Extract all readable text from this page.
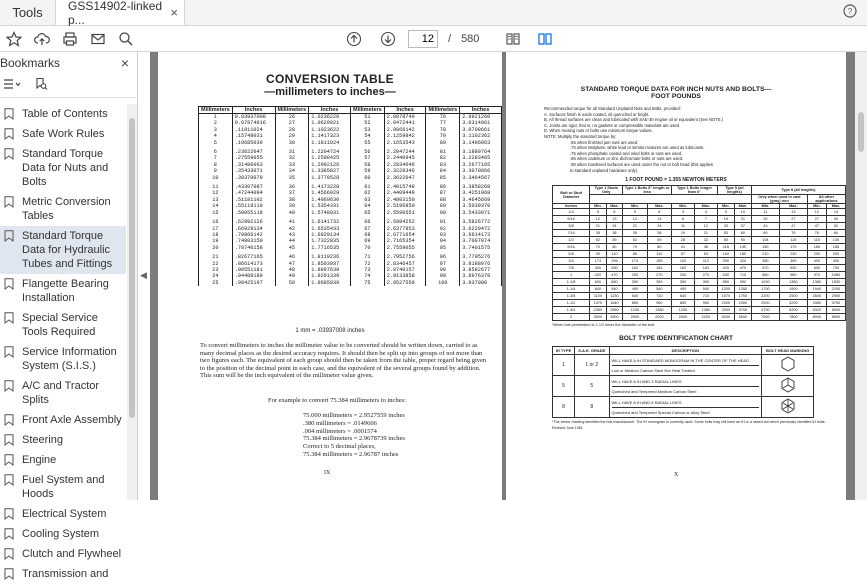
Tools	GSS14902-linked p...	×	?
12
/ 580
Bookmarks	×
Table of Contents
Safe Work Rules
Standard Torque Data for Nuts and Bolts
Metric Conversion Tables
Standard Torque Data for Hydraulic Tubes and Fittings
Flangette Bearing Installation
Special Service Tools Required
Service Information System (S.I.S.)
A/C and Tractor Splits
Front Axle Assembly
Steering
Engine
Fuel System and Hoods
Electrical System
Cooling System
Clutch and Flywheel
Transmission and
◀
CONVERSION TABLE
—millimeters to inches—
Millimeters	Inches	Millimeters	Inches	Millimeters	Inches	Millimeters	Inches
1	0.03937008	26	1.0236220	51	2.0078740	76	2.9921260
2	0.07874016	27	1.0629921	52	2.0472441	77	3.0314961
3	.11811024	28	1.1023622	53	2.0866142	78	3.0708661
4	.15748031	29	1.1417323	54	2.1259842	79	3.1102362
5	.19685039	30	1.1811024	55	2.1653543	80	3.1496063
6	.23622047	31	1.2204724	56	2.2047244	81	3.1889764
7	.27559055	32	1.2598425	57	2.2440945	82	3.2283465
8	.31496063	33	1.2992126	58	2.2834646	83	3.2677165
9	.35433071	34	1.3385827	59	2.3228346	84	3.3070866
10	.39370079	35	1.3779528	60	2.3622047	85	3.3464567
11	.43307087	36	1.4173228	61	2.4015748	86	3.3858268
12	.47244094	37	1.4566929	62	2.4409449	87	3.4251968
13	.51181102	38	1.4960630	63	2.4803150	88	3.4645669
14	.55118110	39	1.5354331	64	2.5196850	89	3.5039370
15	.59055118	40	1.5748031	65	2.5590551	90	3.5433071
16	.62992126	41	1.6141732	66	2.5984252	91	3.5826772
17	.66929134	42	1.6535433	67	2.6377953	92	3.6220472
18	.70866142	43	1.6929134	68	2.6771654	93	3.6614173
19	.74803150	44	1.7322835	69	2.7165354	94	3.7007874
20	.78740158	45	1.7716535	70	2.7559055	95	3.7401575
21	.82677165	46	1.8110236	71	2.7952756	96	3.7795276
22	.86614173	47	1.8503937	72	2.8346457	97	3.8188976
23	.90551181	48	1.8897638	73	2.8740157	98	3.8582677
24	.94488189	49	1.9291339	74	2.9133858	99	3.8976378
25	.98425197	50	1.9685039	75	2.9527559	100	3.937008
1 mm = .03937008 inches
To convert millimeters to inches the millimeter value to be converted should be written down, carried to as many decimal places as the desired accuracy requires. It should then be split up into groups of not more than two figures each. The equivalent of each group should then be taken from the table, proper regard being given to the position of the decimal point in each case, and the equivalent of the several groups found by addition. This sum will be the inch equivalent of the millimeter value given.
For example to convert 75.384 millimeters to inches:
75.000 millimeters = 2.9527559 inches
.380 millimeters = .0149606
.004 millimeters = .0001574
75.384 millimeters = 2.9678739 inches
Correct to 5 decimal places,
75.384 millimeters = 2.96787 inches
IX
STANDARD TORQUE DATA FOR INCH NUTS AND BOLTS—
FOOT POUNDS
Recommended torque for all Standard Unplated Nuts and Bolts, provided:
A. Surfaces finish is oxide coated, oil quenched or bright.
B. All thread surfaces are clean and lubricated with SAE-30 engine oil or equivalent (See NOTE.)
C. Joints are rigid, that is, no gaskets or compressible materials are used.
D. When reusing nuts or bolts use minimum torque values.
NOTE: Multiply the standard torque by:
.65 when finished jam nuts are used.
.70 when Molykote, white lead or similar mixtures are used as lubricants.
.75 when phosphate coated and oiled bolts or nuts are used.
.85 when cadmium or zinc dichromate bolts or nuts are used.
.90 when hardened surfaces are used under the nut or bolt head (this applies
to standard unplated hardware only).
1 FOOT POUND = 1.355 NEWTON METERS
Bolt or Stud Diameter	Type 1 Studs Only		Type 1 Bolts 6" length or less		Type 1 Bolts longer than 6"		Type 5 (all lengths)		Type 8 (all lengths)			
									Only when used in cast (gray) iron		All other applications	
Inches	Min.	Max.	Min.	Max.	Min.	Max.	Min.	Max.	Min.	Max.	Min.	Max.
1/4	5	6	5	6	3	4	9	10	11	13	12	14
5/16	12	13	12	13	6	7	19	21	25	27	27	30
3/8	21	24	21	24	11	12	33	37	43	47	47	52
7/16	35	38	35	38	19	21	53	60	69	76	76	84
1/2	52	59	52	59	28	32	80	90	104	115	115	130
9/16	70	80	70	80	41	46	115	130	150	170	165	185
5/8	90	110	86	110	57	63	160	180	210	230	230	250
3/4	174	195	174	195	100	112	290	320	350	390	400	450
7/8	300	330	162	181	162	181	420	470	570	630	630	730
1	420	470	250	270	250	270	630	710	850	950	970	1080
1-1/8	600	680	350	390	350	390	850	950	1200	1350	1380	1530
1-1/4	840	940	490	540	490	540	1200	1350	1700	1900	1940	2150
1-3/8	1100	1230	640	710	640	710	1570	1760	2200	2500	2600	2900
1-1/2	1470	1640	850	950	850	950	2000	2300	2900	3200	3380	3750
1-3/4	2350	2650	1230	1380	1230	1380	3300	3700	4700	5200	5320	6000
2	3500	3900	2000	2200	2000	2200	5000	5600	7000	7800	8000	8900
*When bolt penetration is 1-1/2 times the diameter of the bolt.
BOLT TYPE IDENTIFICATION CHART
IH TYPE	S.A.E. GRADE	DESCRIPTION	BOLT HEAD MARKING
1	1 or 2	WILL HAVE A IH STANDARD MONOGRAM IN THE CENTER OF THE HEAD
Low or Medium Carbon Steel Not Heat Treated

5	5	WILL HAVE A IH AND 3 RADIAL LINES
Quenched and Tempered Medium Carbon Steel

8	8	WILL HAVE A IH AND 6 RADIAL LINES
Quenched and Tempered Special Carbon or Alloy Steel

*The center marking identifies the bolt manufacturer. The IH monogram is currently used. Some bolts may still have an IH or a raised dot which previously identified IH bolts.
Revised June 1981
X
